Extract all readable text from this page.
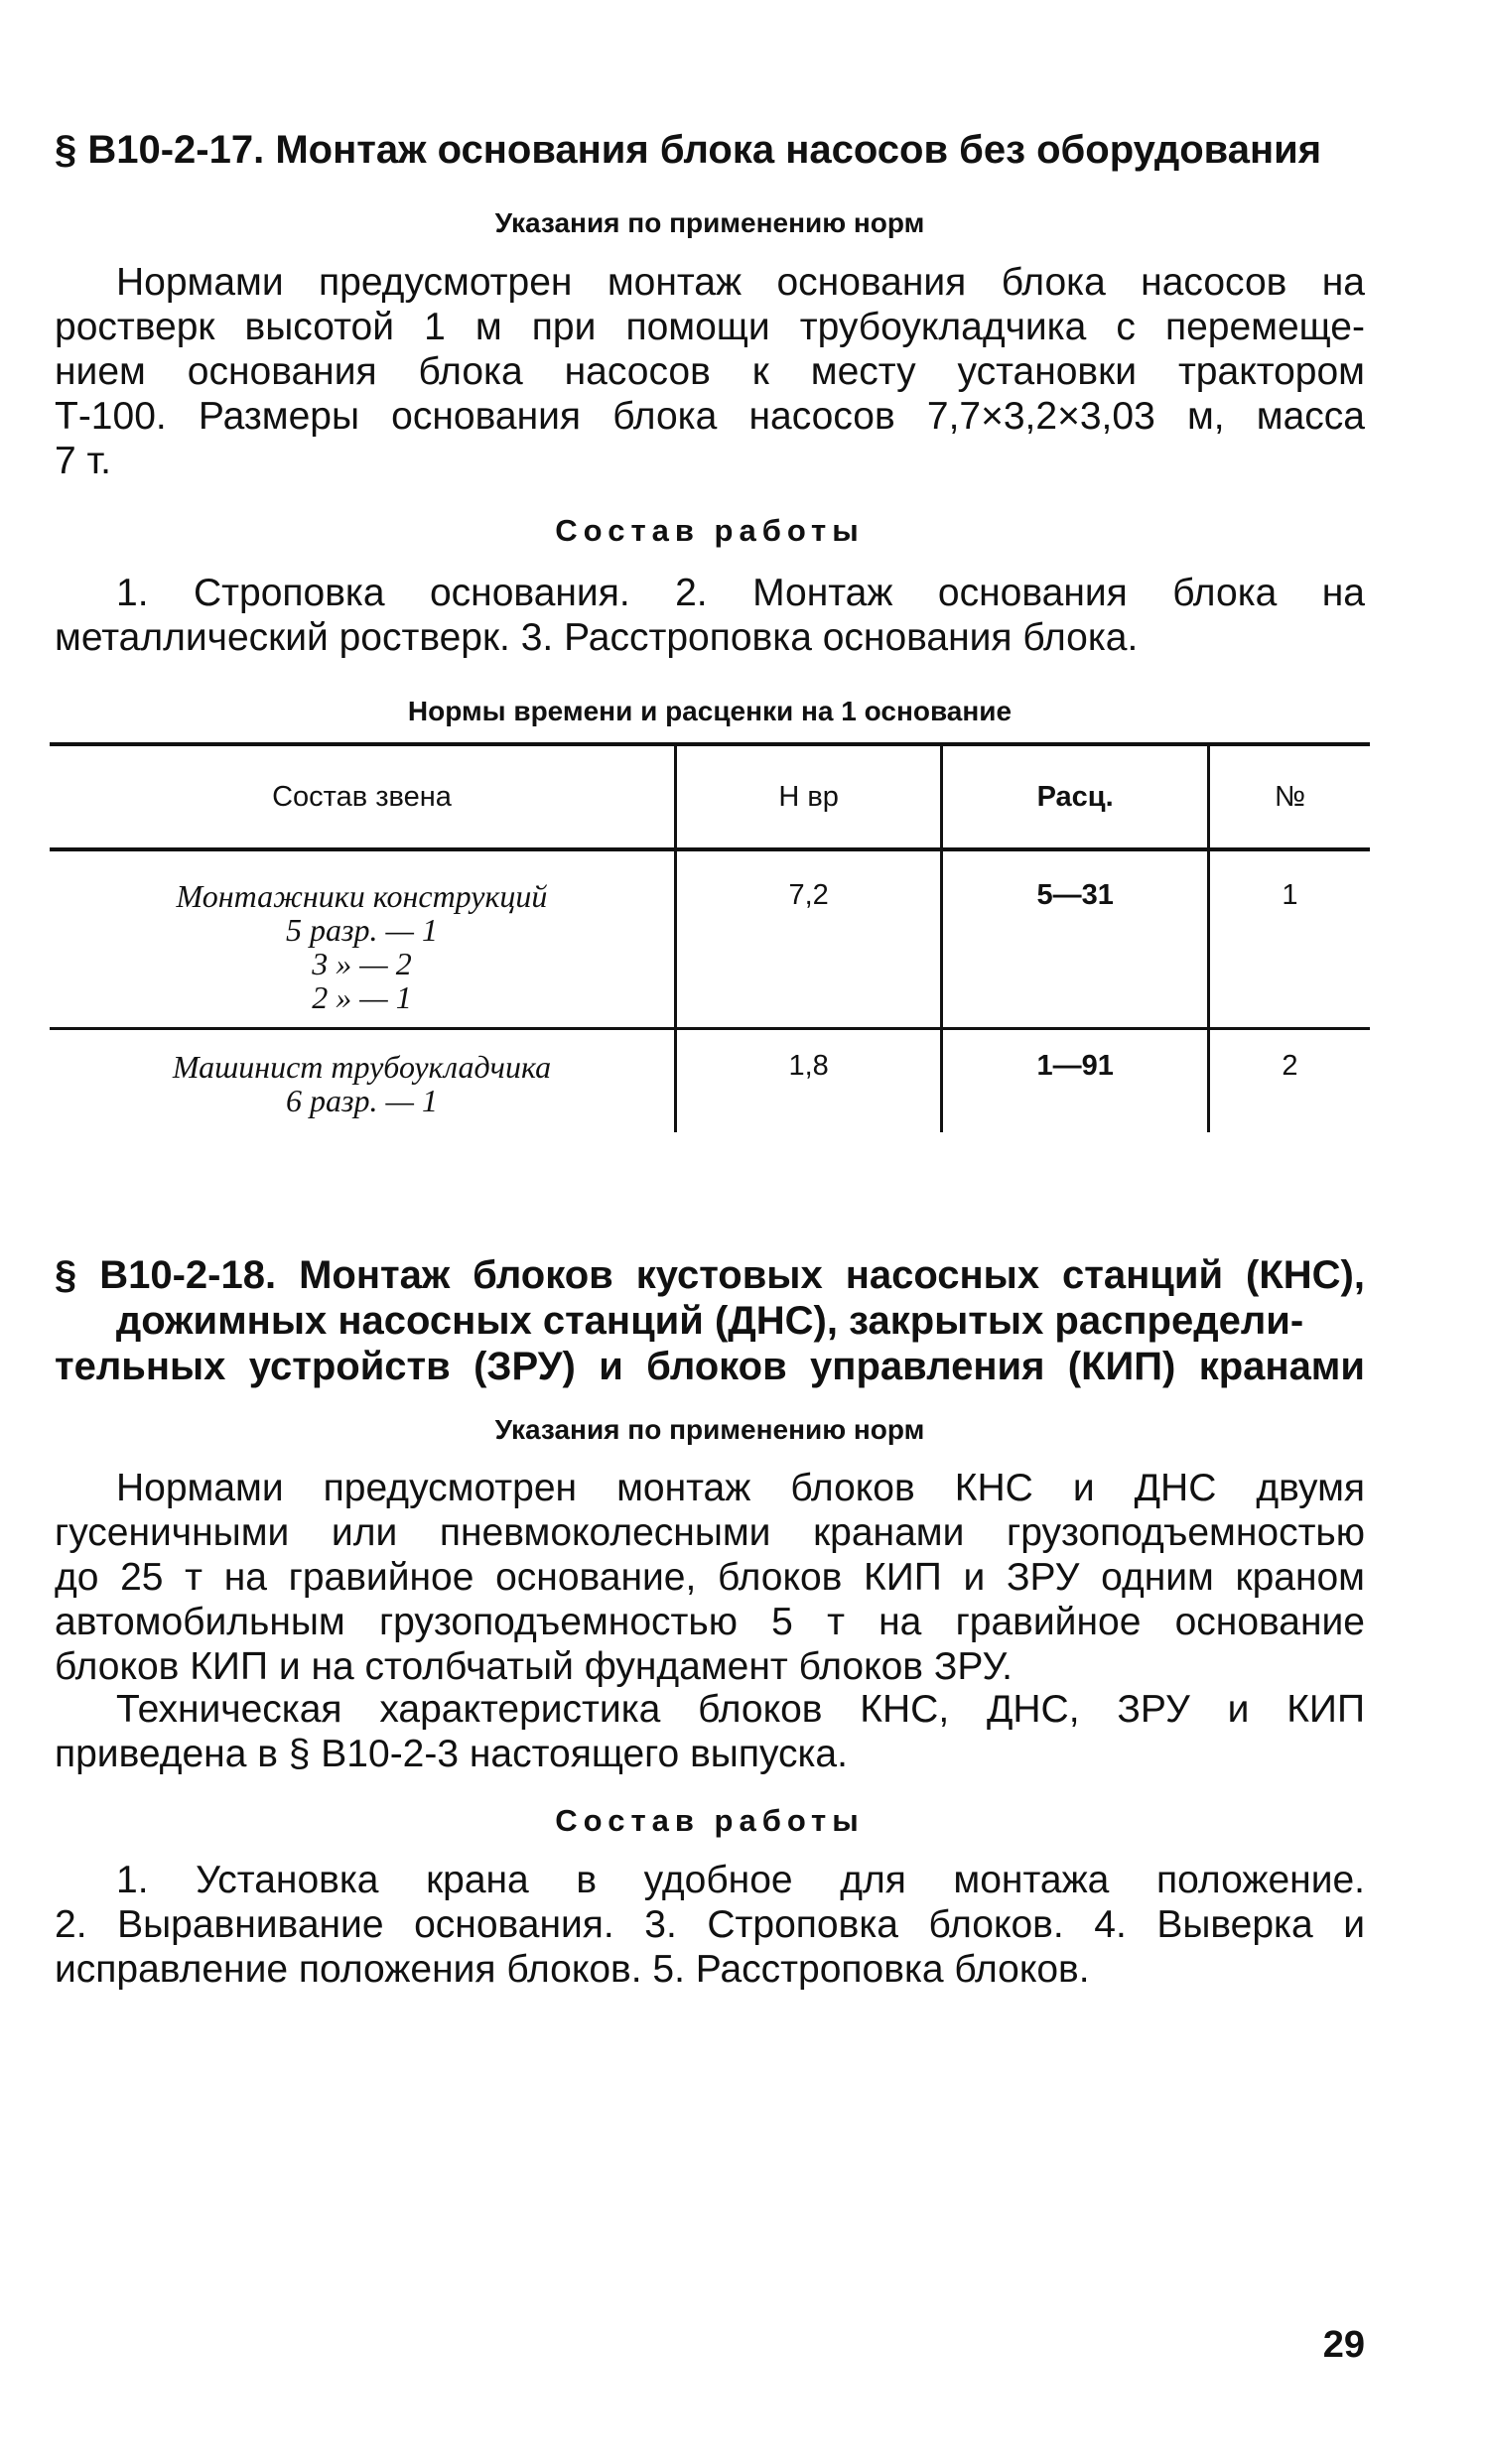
§ В10-2-17. Монтаж основания блока насосов без оборудования
Указания по применению норм
Нормами предусмотрен монтаж основания блока насосов на
ростверк высотой 1 м при помощи трубоукладчика с перемеще-
нием основания блока насосов к месту установки трактором
Т-100. Размеры основания блока насосов 7,7×3,2×3,03 м, масса
7 т.
Состав работы
1. Строповка основания. 2. Монтаж основания блока на
металлический ростверк. 3. Расстроповка основания блока.
Нормы времени и расценки на 1 основание
Состав звена	Н вр	Расц.	№

Монтажники конструкций
5 разр. — 1
3 » — 2
2 » — 1	7,2	5—31	1

Машинист трубоукладчика
6 разр. — 1	1,8	1—91	2
§ В10-2-18. Монтаж блоков кустовых насосных станций (КНС),
дожимных насосных станций (ДНС), закрытых распредели-
тельных устройств (ЗРУ) и блоков управления (КИП) кранами
Указания по применению норм
Нормами предусмотрен монтаж блоков КНС и ДНС двумя
гусеничными или пневмоколесными кранами грузоподъемностью
до 25 т на гравийное основание, блоков КИП и ЗРУ одним краном
автомобильным грузоподъемностью 5 т на гравийное основание
блоков КИП и на столбчатый фундамент блоков ЗРУ.
Техническая характеристика блоков КНС, ДНС, ЗРУ и КИП
приведена в § В10-2-3 настоящего выпуска.
Состав работы
1. Установка крана в удобное для монтажа положение.
2. Выравнивание основания. 3. Строповка блоков. 4. Выверка и
исправление положения блоков. 5. Расстроповка блоков.
29
